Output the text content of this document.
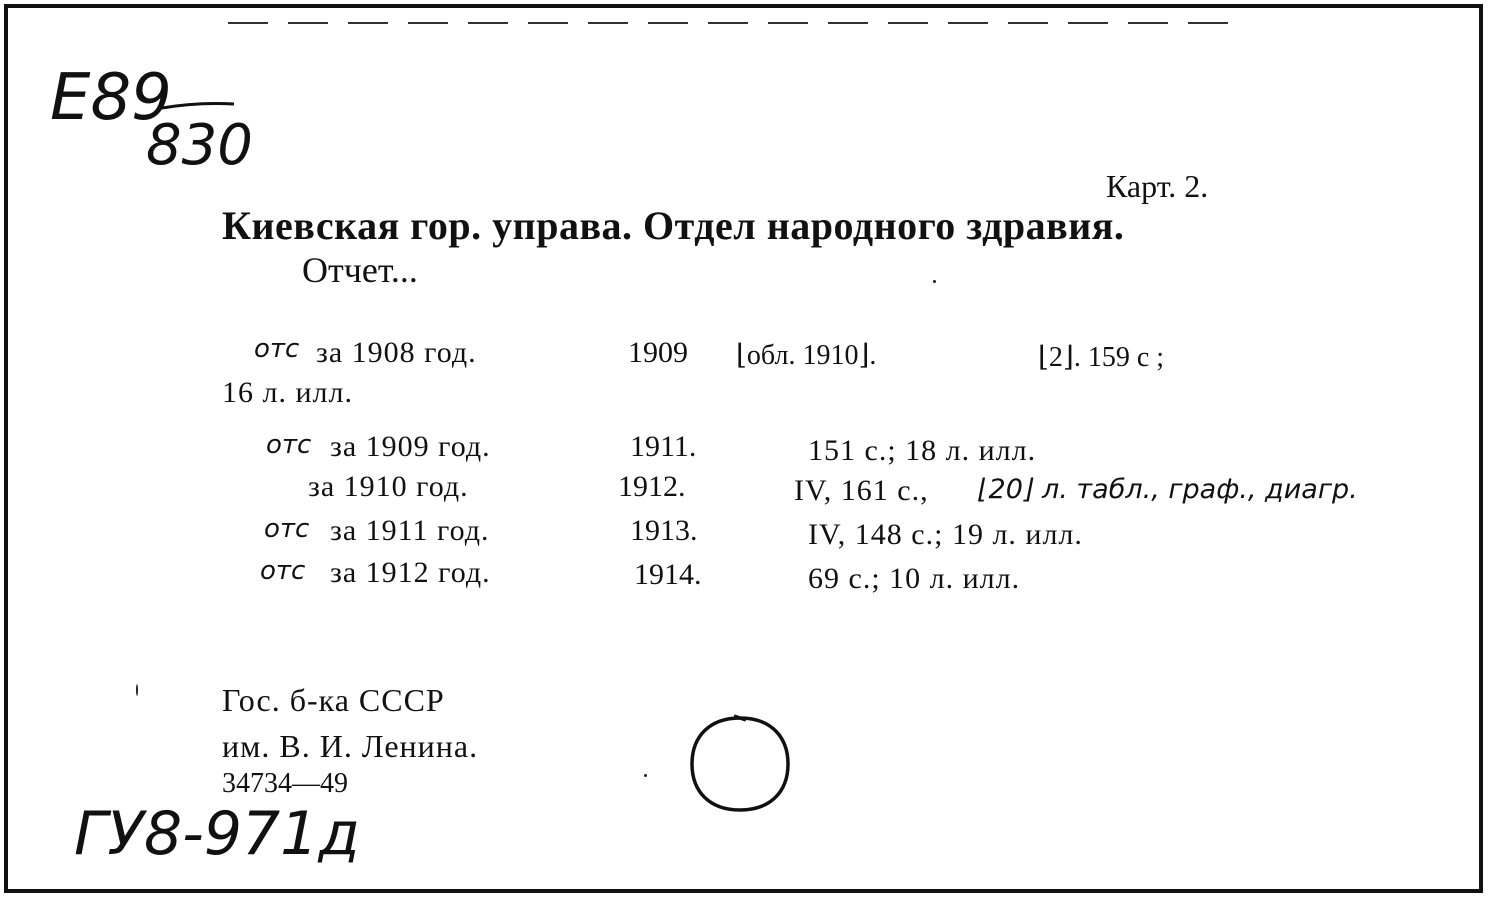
E89
830
Карт. 2.
Киевская гор. управа. Отдел народного здравия.
Отчет...
отс за 1908 год.	1909 ⌊обл. 1910⌋.	⌊2⌋. 159 с ;
16 л. илл.
отс за 1909 год.	1911.	151 с.; 18 л. илл.
за 1910 год.	1912.	IV, 161 с., ⌊20⌋ л. табл., граф., диагр.
отс за 1911 год.	1913.	IV, 148 с.; 19 л. илл.
отс за 1912 год.	1914.	69 с.; 10 л. илл.
Гос. б-ка СССР
им. В. И. Ленина.
34734—49
ГУ8-971д
